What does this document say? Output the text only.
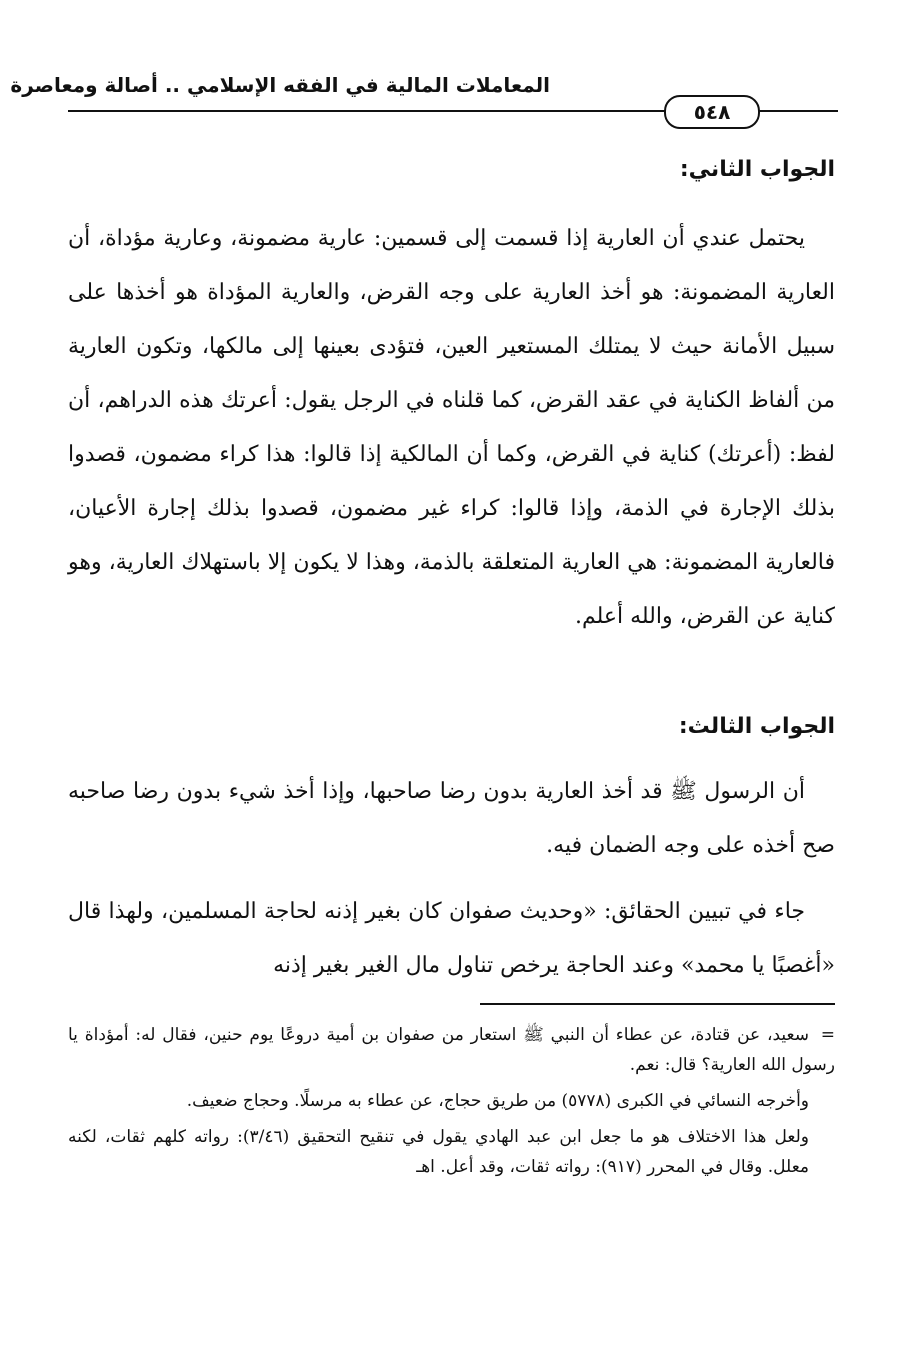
المعاملات المالية في الفقه الإسلامي .. أصالة ومعاصرة
٥٤٨
الجواب الثاني:

يحتمل عندي أن العارية إذا قسمت إلى قسمين: عارية مضمونة، وعارية مؤداة، أن العارية المضمونة: هو أخذ العارية على وجه القرض، والعارية المؤداة هو أخذها على سبيل الأمانة حيث لا يمتلك المستعير العين، فتؤدى بعينها إلى مالكها، وتكون العارية من ألفاظ الكناية في عقد القرض، كما قلناه في الرجل يقول: أعرتك هذه الدراهم، أن لفظ: (أعرتك) كناية في القرض، وكما أن المالكية إذا قالوا: هذا كراء مضمون، قصدوا بذلك الإجارة في الذمة، وإذا قالوا: كراء غير مضمون، قصدوا بذلك إجارة الأعيان، فالعارية المضمونة: هي العارية المتعلقة بالذمة، وهذا لا يكون إلا باستهلاك العارية، وهو كناية عن القرض، والله أعلم.

الجواب الثالث:

أن الرسول ﷺ قد أخذ العارية بدون رضا صاحبها، وإذا أخذ شيء بدون رضا صاحبه صح أخذه على وجه الضمان فيه.

جاء في تبيين الحقائق: «وحديث صفوان كان بغير إذنه لحاجة المسلمين، ولهذا قال «أغصبًا يا محمد» وعند الحاجة يرخص تناول مال الغير بغير إذنه

=سعيد، عن قتادة، عن عطاء أن النبي ﷺ استعار من صفوان بن أمية دروعًا يوم حنين، فقال له: أمؤداة يا رسول الله العارية؟ قال: نعم.

وأخرجه النسائي في الكبرى (٥٧٧٨) من طريق حجاج، عن عطاء به مرسلًا. وحجاج ضعيف.

ولعل هذا الاختلاف هو ما جعل ابن عبد الهادي يقول في تنقيح التحقيق (٣/٤٦): رواته كلهم ثقات، لكنه معلل. وقال في المحرر (٩١٧): رواته ثقات، وقد أعل. اهـ
